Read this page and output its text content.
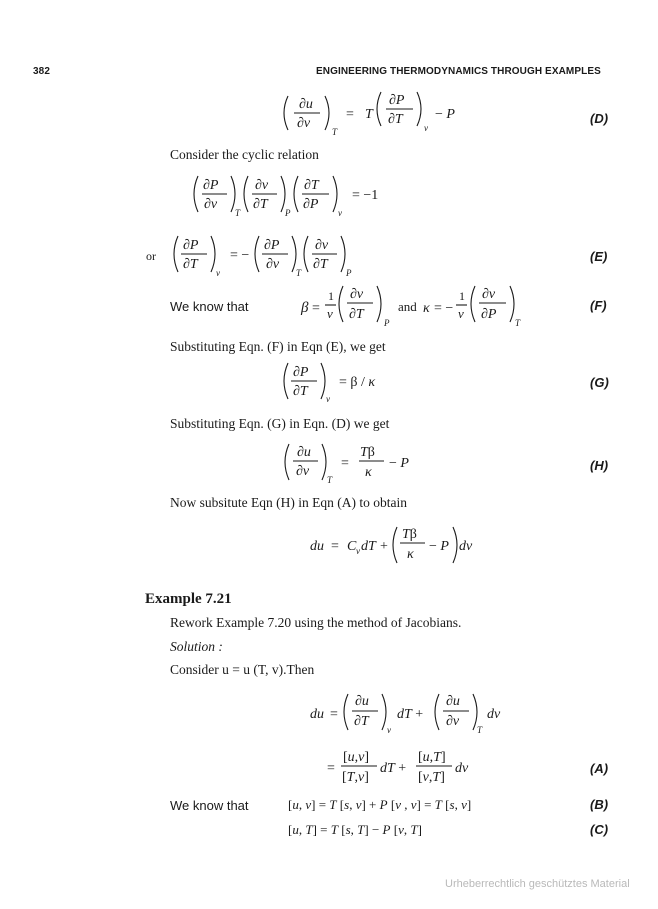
382	ENGINEERING THERMODYNAMICS THROUGH EXAMPLES
(D)
(E)
(F)
(G)
(H)
(A)
(B)
(C)
Consider the cyclic relation
or
We know that
Substituting Eqn. (F) in Eqn (E), we get
Substituting Eqn. (G) in Eqn. (D) we get
Now subsitute Eqn (H) in Eqn (A) to obtain
Example 7.21
Rework Example 7.20 using the method of Jacobians.
Solution :
Consider u = u (T, v).Then
We know that
∂u
∂v
T
= T
∂P
∂T
v
− P
∂P
∂v
T
∂v
∂T
P
∂T
∂P
v
= −1
∂P
∂T
v
= −
∂P
∂v
T
∂v
∂T
P
β =
1
v
∂v
∂T
P
and κ = −
1
v
∂v
∂P
T
∂P
∂T v
= β / κ
∂u
∂v
T
=
Tβ
κ
− P
du = C v dT +
Tβ
κ
− P dv
du =
∂u
∂T
v
dT +
∂u
∂v
T
dv
=
[u,v]
[T,v]
dT +
[u,T]
[v,T]
dv
[u, v] = T [s, v] + P [v , v] = T [s, v]
[u, T] = T [s, T] − P [v, T]
Urheberrechtlich geschütztes Material
